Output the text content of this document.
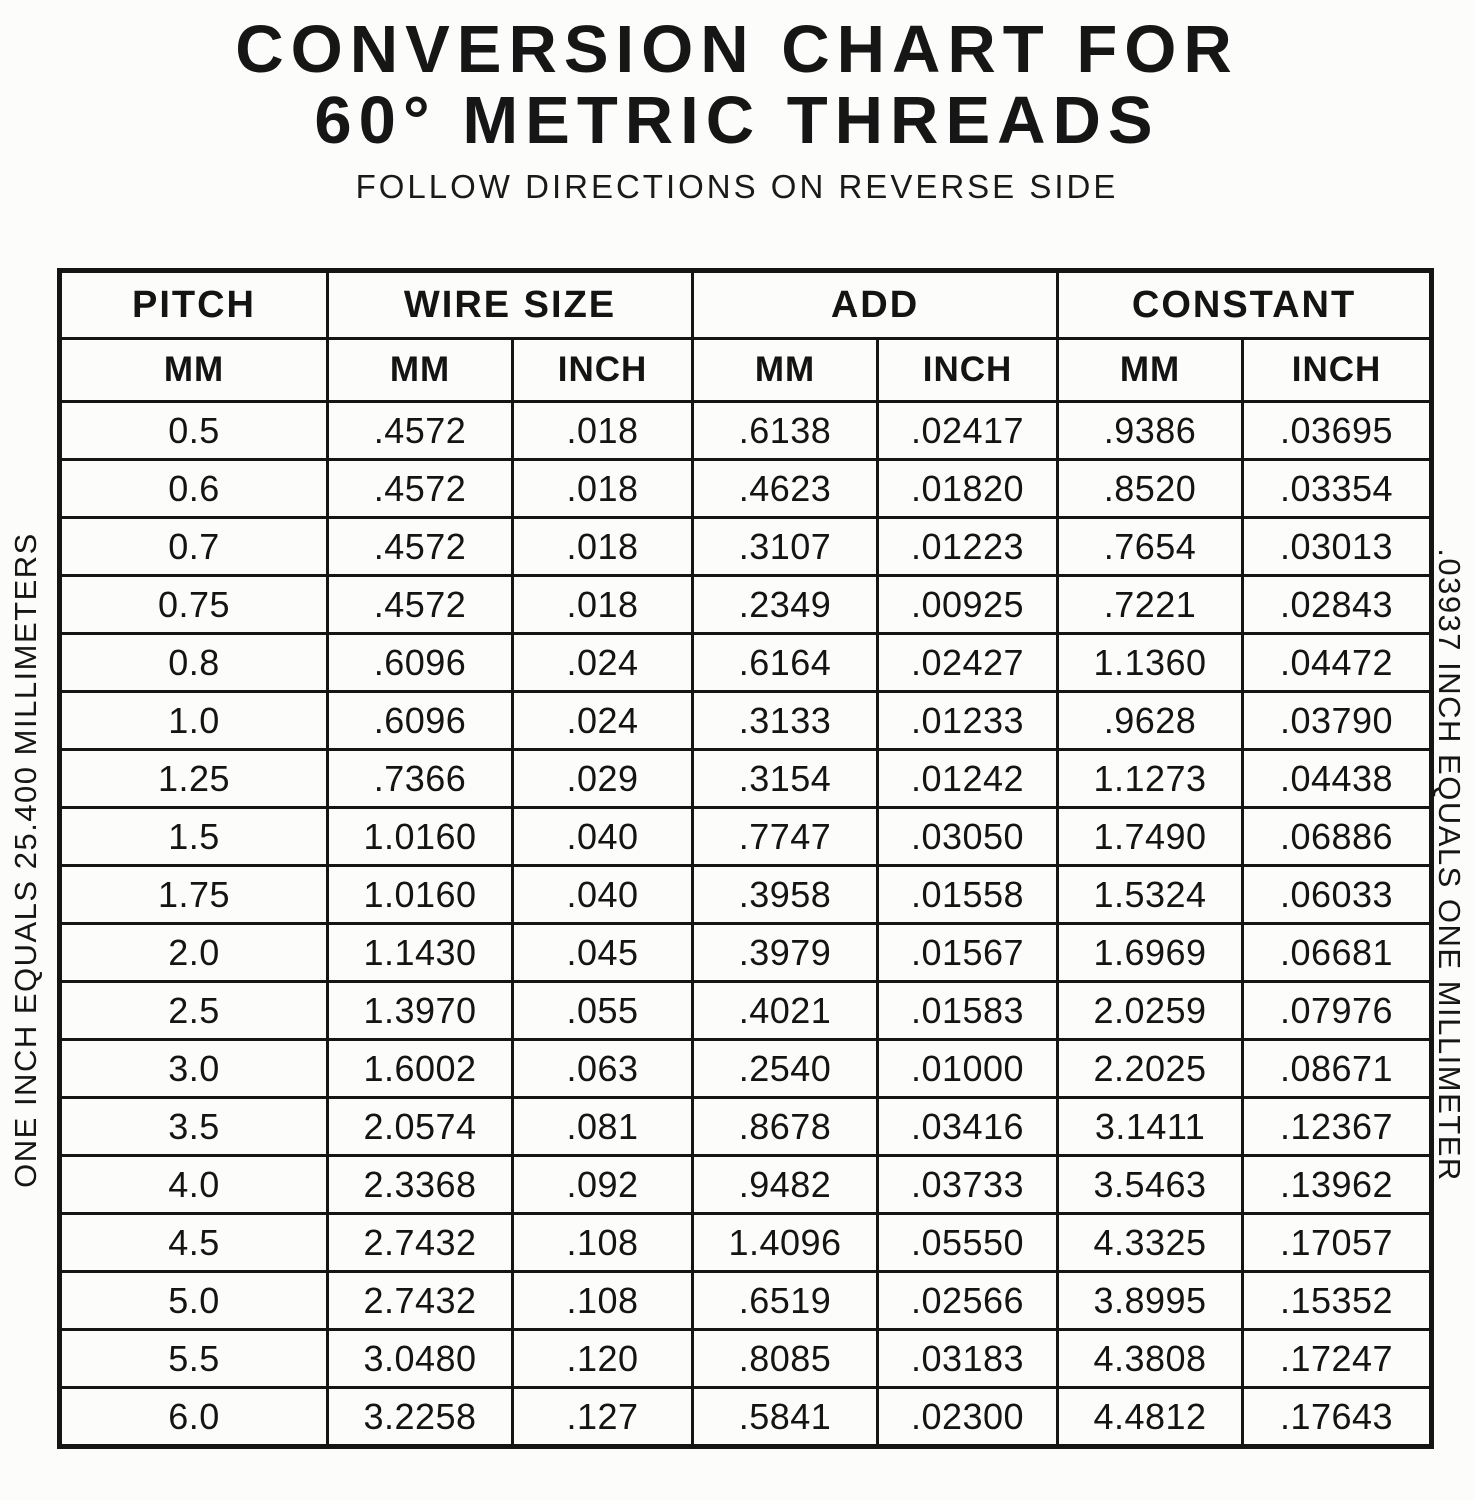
CONVERSION CHART FOR
60° METRIC THREADS
FOLLOW DIRECTIONS ON REVERSE SIDE
ONE INCH EQUALS 25.400 MILLIMETERS	.03937 INCH EQUALS ONE MILLIMETER
PITCH	WIRE SIZE		ADD		CONSTANT	
MM	MM	INCH	MM	INCH	MM	INCH
0.5	.4572	.018	.6138	.02417	.9386	.03695
0.6	.4572	.018	.4623	.01820	.8520	.03354
0.7	.4572	.018	.3107	.01223	.7654	.03013
0.75	.4572	.018	.2349	.00925	.7221	.02843
0.8	.6096	.024	.6164	.02427	1.1360	.04472
1.0	.6096	.024	.3133	.01233	.9628	.03790
1.25	.7366	.029	.3154	.01242	1.1273	.04438
1.5	1.0160	.040	.7747	.03050	1.7490	.06886
1.75	1.0160	.040	.3958	.01558	1.5324	.06033
2.0	1.1430	.045	.3979	.01567	1.6969	.06681
2.5	1.3970	.055	.4021	.01583	2.0259	.07976
3.0	1.6002	.063	.2540	.01000	2.2025	.08671
3.5	2.0574	.081	.8678	.03416	3.1411	.12367
4.0	2.3368	.092	.9482	.03733	3.5463	.13962
4.5	2.7432	.108	1.4096	.05550	4.3325	.17057
5.0	2.7432	.108	.6519	.02566	3.8995	.15352
5.5	3.0480	.120	.8085	.03183	4.3808	.17247
6.0	3.2258	.127	.5841	.02300	4.4812	.17643
